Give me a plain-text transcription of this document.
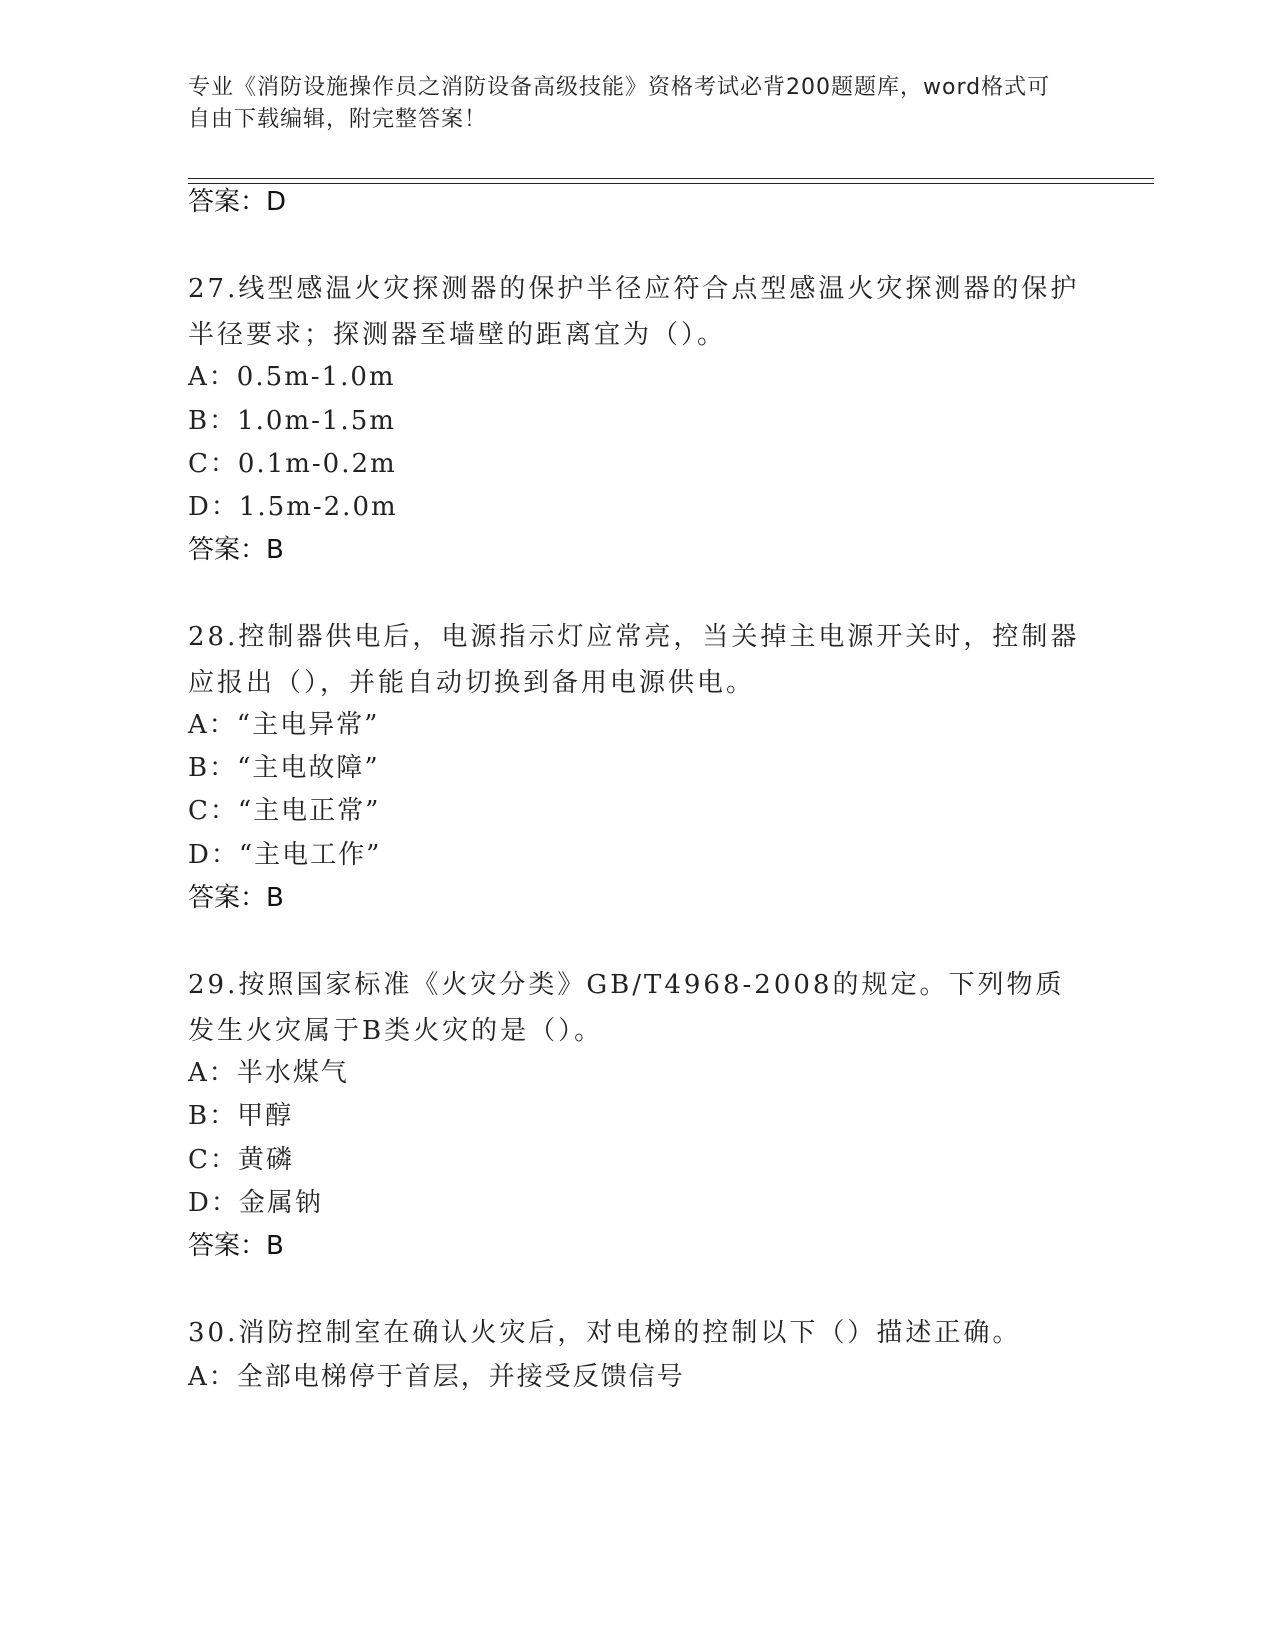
专业《消防设施操作员之消防设备高级技能》资格考试必背200题题库，word格式可自由下载编辑，附完整答案！
答案：D
27.线型感温火灾探测器的保护半径应符合点型感温火灾探测器的保护半径要求；探测器至墙壁的距离宜为（）。
A：0.5m-1.0m
B：1.0m-1.5m
C：0.1m-0.2m
D：1.5m-2.0m
答案：B
28.控制器供电后，电源指示灯应常亮，当关掉主电源开关时，控制器应报出（），并能自动切换到备用电源供电。
A：“主电异常”
B：“主电故障”
C：“主电正常”
D：“主电工作”
答案：B
29.按照国家标准《火灾分类》GB/T4968-2008的规定。下列物质发生火灾属于B类火灾的是（）。
A：半水煤气
B：甲醇
C：黄磷
D：金属钠
答案：B
30.消防控制室在确认火灾后，对电梯的控制以下（）描述正确。
A：全部电梯停于首层，并接受反馈信号
